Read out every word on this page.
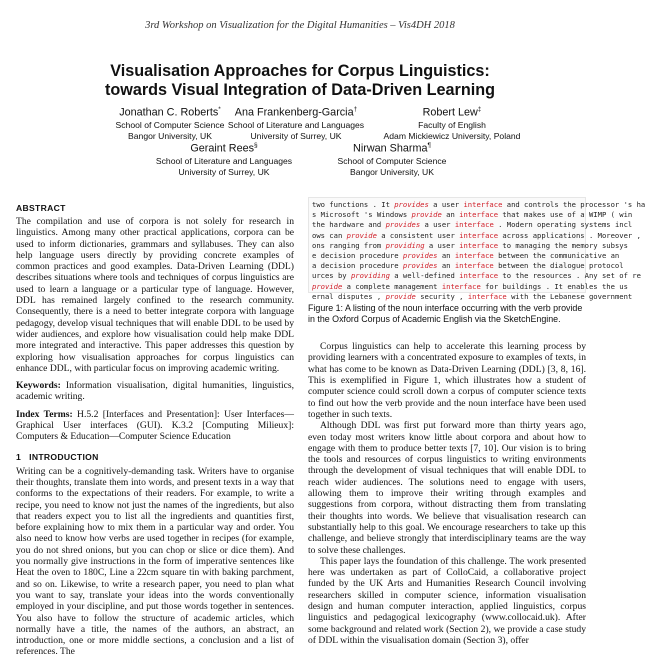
3rd Workshop on Visualization for the Digital Humanities – Vis4DH 2018
Visualisation Approaches for Corpus Linguistics:
towards Visual Integration of Data-Driven Learning
Jonathan C. Roberts*
School of Computer Science
Bangor University, UK
Ana Frankenberg-Garcia†
School of Literature and Languages
University of Surrey, UK
Robert Lew‡
Faculty of English
Adam Mickiewicz University, Poland
Geraint Rees§
School of Literature and Languages
University of Surrey, UK
Nirwan Sharma¶
School of Computer Science
Bangor University, UK
ABSTRACT

The compilation and use of corpora is not solely for research in linguistics. Among many other practical applications, corpora can be used to inform dictionaries, grammars and syllabuses. They can also help language users directly by providing concrete examples of common practices and good examples. Data-Driven Learning (DDL) describes situations where tools and techniques of corpus linguistics are used to learn a language or a particular type of language. However, DDL has remained largely confined to the research community. Consequently, there is a need to better integrate corpora with language pedagogy, develop visual techniques that will enable DDL to be used by wider audiences, and explore how visualisation could help make DDL more integrated and interactive. This paper addresses this question by exploring how visualisation approaches for corpus linguistics can enhance DDL, with particular focus on improving academic writing.

Keywords: Information visualisation, digital humanities, linguistics, academic writing.

Index Terms: H.5.2 [Interfaces and Presentation]: User Interfaces—Graphical User interfaces (GUI). K.3.2 [Computing Milieux]: Computers & Education—Computer Science Education

1   INTRODUCTION

Writing can be a cognitively-demanding task. Writers have to organise their thoughts, translate them into words, and present texts in a way that conforms to the expectations of their readers. For example, to write a recipe, you need to know not just the names of the ingredients, but also that readers expect you to list all the ingredients and quantities first, before explaining how to mix them in a particular way and order. You also need to know how verbs are used together in recipes (for example, you do not shred onions, but you can chop or slice or dice them). And you normally give instructions in the form of imperative sentences like Heat the oven to 180C, Line a 22cm square tin with baking parchment, and so on. Likewise, to write a research paper, you need to plan what you want to say, translate your ideas into the words conventionally employed in your discipline, and put those words together in sentences. You also have to follow the structure of academic articles, which normally have a title, the names of the authors, an abstract, an introduction, one or more middle sections, a conclusion and a list of references. The

two functions . It provides a user interface and controls the processor 's ha
s Microsoft 's Windows provide an interface that makes use of a WIMP ( win
the hardware and provides a user interface . Modern operating systems incl
ows can provide a consistent user interface across applications . Moreover ,
ons ranging from providing a user interface to managing the memory subsys
e decision procedure provides an interface between the communicative an
a decision procedure provides an interface between the dialogue protocol
urces by providing a well-defined interface to the resources . Any set of re
provide a complete management interface for buildings . It enables the us
ernal disputes , provide security , interface with the Lebanese government
Figure 1: A listing of the noun interface occurring with the verb provide in the Oxford Corpus of Academic English via the SketchEngine.

Corpus linguistics can help to accelerate this learning process by providing learners with a concentrated exposure to examples of texts, in what has come to be known as Data-Driven Learning (DDL) [3, 8, 16]. This is exemplified in Figure 1, which illustrates how a student of computer science could scroll down a corpus of computer science texts to find out how the verb provide and the noun interface have been used together in such texts.

Although DDL was first put forward more than thirty years ago, even today most writers know little about corpora and about how to engage with them to produce better texts [7, 10]. Our vision is to bring the tools and resources of corpus linguistics to writing environments through the development of visual techniques that will enable DDL to reach wider audiences. The solutions need to engage with users, allowing them to improve their writing through examples and suggestions from corpora, without distracting them from translating their thoughts into words. We believe that visualisation research can substantially help to this goal. We encourage researchers to take up this challenge, and believe strongly that interdisciplinary teams are the way to solve these challenges.

This paper lays the foundation of this challenge. The work presented here was undertaken as part of ColloCaid, a collaborative project funded by the UK Arts and Humanities Research Council involving researchers skilled in computer science, information visualisation design and human computer interaction, applied linguistics, corpus linguistics and pedagogical lexicography (www.collocaid.uk). After some background and related work (Section 2), we provide a case study of DDL within the visualisation domain (Section 3), offer
